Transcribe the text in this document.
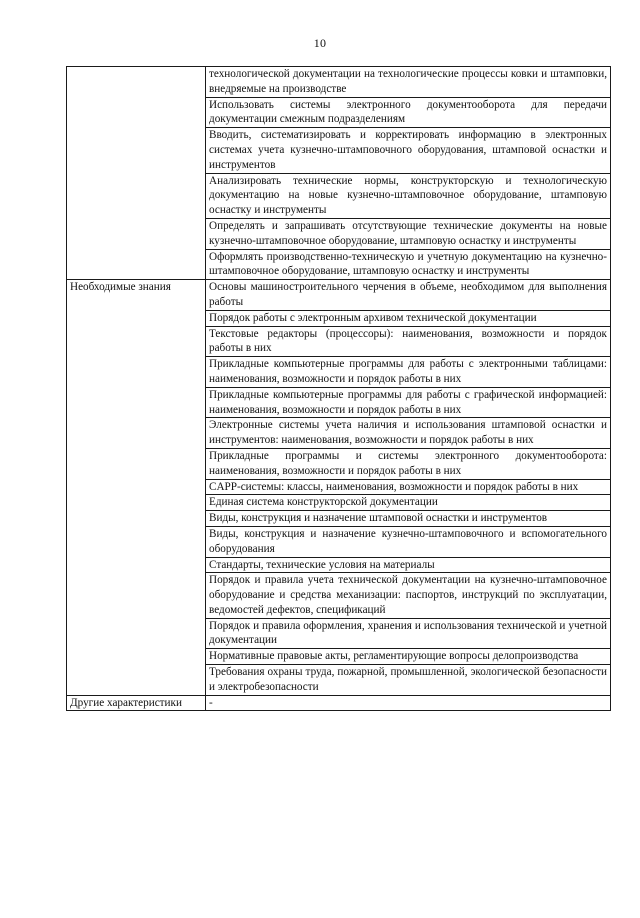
10

	технологической документации на технологические процессы ковки и штамповки, внедряемые на производстве

	Использовать системы электронного документооборота для передачи документации смежным подразделениям

	Вводить, систематизировать и корректировать информацию в электронных системах учета кузнечно-штамповочного оборудования, штамповой оснастки и инструментов

	Анализировать технические нормы, конструкторскую и технологическую документацию на новые кузнечно-штамповочное оборудование, штамповую оснастку и инструменты

	Определять и запрашивать отсутствующие технические документы на новые кузнечно-штамповочное оборудование, штамповую оснастку и инструменты

	Оформлять производственно-техническую и учетную документацию на кузнечно-штамповочное оборудование, штамповую оснастку и инструменты

Необходимые знания	Основы машиностроительного черчения в объеме, необходимом для выполнения работы

	Порядок работы с электронным архивом технической документации

	Текстовые редакторы (процессоры): наименования, возможности и порядок работы в них

	Прикладные компьютерные программы для работы с электронными таблицами: наименования, возможности и порядок работы в них

	Прикладные компьютерные программы для работы с графической информацией: наименования, возможности и порядок работы в них

	Электронные системы учета наличия и использования штамповой оснастки и инструментов: наименования, возможности и порядок работы в них

	Прикладные программы и системы электронного документооборота: наименования, возможности и порядок работы в них

	CAPP-системы: классы, наименования, возможности и порядок работы в них

	Единая система конструкторской документации

	Виды, конструкция и назначение штамповой оснастки и инструментов

	Виды, конструкция и назначение кузнечно-штамповочного и вспомогательного оборудования

	Стандарты, технические условия на материалы

	Порядок и правила учета технической документации на кузнечно-штамповочное оборудование и средства механизации: паспортов, инструкций по эксплуатации, ведомостей дефектов, спецификаций

	Порядок и правила оформления, хранения и использования технической и учетной документации

	Нормативные правовые акты, регламентирующие вопросы делопроизводства

	Требования охраны труда, пожарной, промышленной, экологической безопасности и электробезопасности

Другие характеристики	-
